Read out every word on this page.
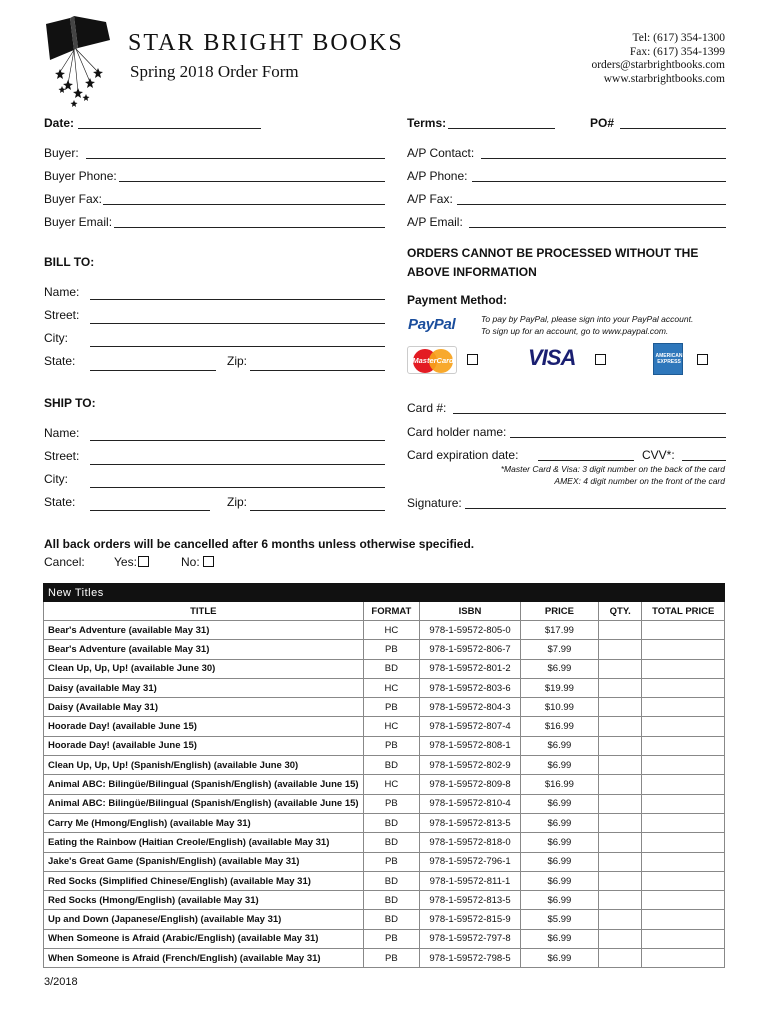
STAR BRIGHT BOOKS
Spring 2018 Order Form
Tel: (617) 354-1300
Fax: (617) 354-1399
orders@starbrightbooks.com
www.starbrightbooks.com
Date:	Terms:	PO#
Buyer:
Buyer Phone:
Buyer Fax:
Buyer Email:
A/P Contact:
A/P Phone:
A/P Fax:
A/P Email:
ORDERS CANNOT BE PROCESSED WITHOUT THE ABOVE INFORMATION
BILL TO:
Name:
Street:
City:
State:	Zip:
Payment Method:
PayPal	To pay by PayPal, please sign into your PayPal account.
To sign up for an account, go to www.paypal.com.
MasterCard	VISA	AMERICAN EXPRESS
SHIP TO:
Name:
Street:
City:
State:	Zip:
Card #:
Card holder name:
Card expiration date:	CVV*:
*Master Card & Visa: 3 digit number on the back of the card
AMEX: 4 digit number on the front of the card
Signature:
All back orders will be cancelled after 6 months unless otherwise specified.
Cancel: Yes:	No:
New Titles					
TITLE	FORMAT	ISBN	PRICE	QTY.	TOTAL PRICE
Bear's Adventure (available May 31)	HC	978-1-59572-805-0	$17.99		
Bear's Adventure (available May 31)	PB	978-1-59572-806-7	$7.99		
Clean Up, Up, Up! (available June 30)	BD	978-1-59572-801-2	$6.99		
Daisy (available May 31)	HC	978-1-59572-803-6	$19.99		
Daisy (Available May 31)	PB	978-1-59572-804-3	$10.99		
Hoorade Day! (available June 15)	HC	978-1-59572-807-4	$16.99		
Hoorade Day! (available June 15)	PB	978-1-59572-808-1	$6.99		
Clean Up, Up, Up! (Spanish/English) (available June 30)	BD	978-1-59572-802-9	$6.99		
Animal ABC: Bilingüe/Bilingual (Spanish/English) (available June 15)	HC	978-1-59572-809-8	$16.99		
Animal ABC: Bilingüe/Bilingual (Spanish/English) (available June 15)	PB	978-1-59572-810-4	$6.99		
Carry Me (Hmong/English) (available May 31)	BD	978-1-59572-813-5	$6.99		
Eating the Rainbow (Haitian Creole/English) (available May 31)	BD	978-1-59572-818-0	$6.99		
Jake's Great Game (Spanish/English) (available May 31)	PB	978-1-59572-796-1	$6.99		
Red Socks (Simplified Chinese/English) (available May 31)	BD	978-1-59572-811-1	$6.99		
Red Socks (Hmong/English) (available May 31)	BD	978-1-59572-813-5	$6.99		
Up and Down (Japanese/English) (available May 31)	BD	978-1-59572-815-9	$5.99		
When Someone is Afraid (Arabic/English) (available May 31)	PB	978-1-59572-797-8	$6.99		
When Someone is Afraid (French/English) (available May 31)	PB	978-1-59572-798-5	$6.99		
3/2018
